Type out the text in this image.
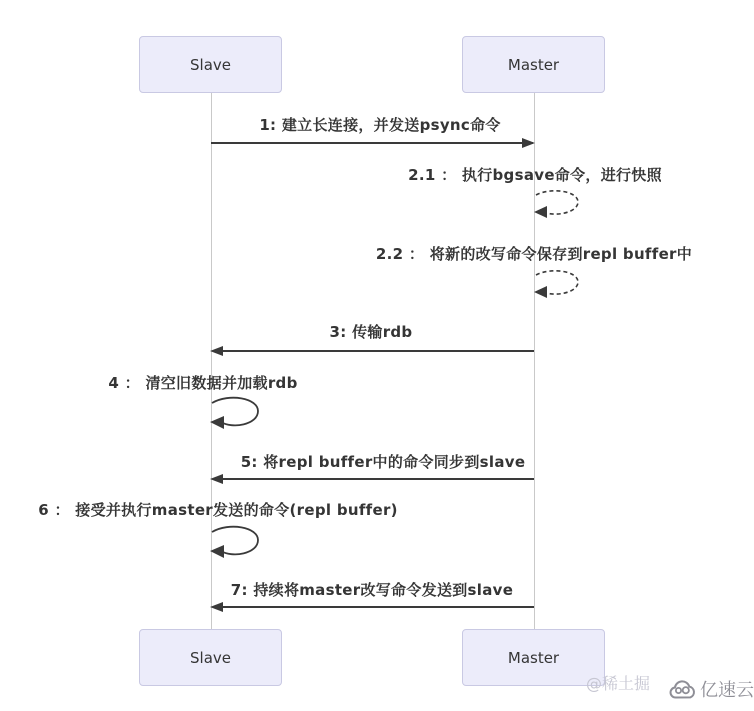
Slave	Master
1: 建立长连接，并发送psync命令
2.1 ： 执行bgsave命令，进行快照
2.2 ： 将新的改写命令保存到repl buffer中
3: 传输rdb
4 ： 清空旧数据并加载rdb
5: 将repl buffer中的命令同步到slave
6 ： 接受并执行master发送的命令(repl buffer)
7: 持续将master改写命令发送到slave
Slave	Master
@稀土掘	亿速云
